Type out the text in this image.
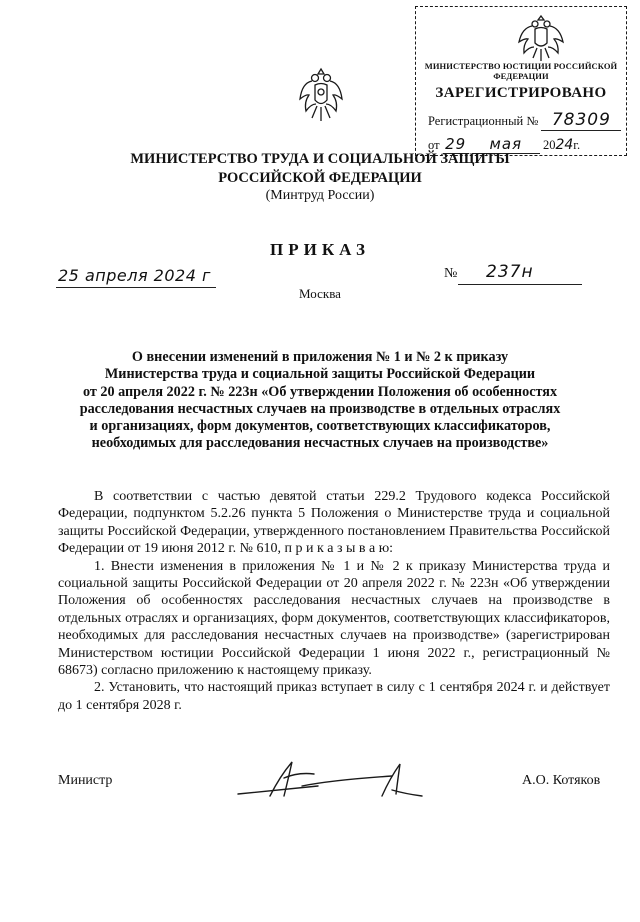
МИНИСТЕРСТВО ЮСТИЦИИ РОССИЙСКОЙ ФЕДЕРАЦИИ
ЗАРЕГИСТРИРОВАНО
Регистрационный № 78309
от 29 мая 2024г.
МИНИСТЕРСТВО ТРУДА И СОЦИАЛЬНОЙ ЗАЩИТЫ
РОССИЙСКОЙ ФЕДЕРАЦИИ
(Минтруд России)
ПРИКАЗ
25 апреля 2024 г	№ 237н
Москва
О внесении изменений в приложения № 1 и № 2 к приказу
Министерства труда и социальной защиты Российской Федерации
от 20 апреля 2022 г. № 223н «Об утверждении Положения об особенностях
расследования несчастных случаев на производстве в отдельных отраслях
и организациях, форм документов, соответствующих классификаторов,
необходимых для расследования несчастных случаев на производстве»

В соответствии с частью девятой статьи 229.2 Трудового кодекса Российской Федерации, подпунктом 5.2.26 пункта 5 Положения о Министерстве труда и социальной защиты Российской Федерации, утвержденного постановлением Правительства Российской Федерации от 19 июня 2012 г. № 610, п р и к а з ы в а ю:

1. Внести изменения в приложения № 1 и № 2 к приказу Министерства труда и социальной защиты Российской Федерации от 20 апреля 2022 г. № 223н «Об утверждении Положения об особенностях расследования несчастных случаев на производстве в отдельных отраслях и организациях, форм документов, соответствующих классификаторов, необходимых для расследования несчастных случаев на производстве» (зарегистрирован Министерством юстиции Российской Федерации 1 июня 2022 г., регистрационный № 68673) согласно приложению к настоящему приказу.

2. Установить, что настоящий приказ вступает в силу с 1 сентября 2024 г. и действует до 1 сентября 2028 г.

Министр	А.О. Котяков
